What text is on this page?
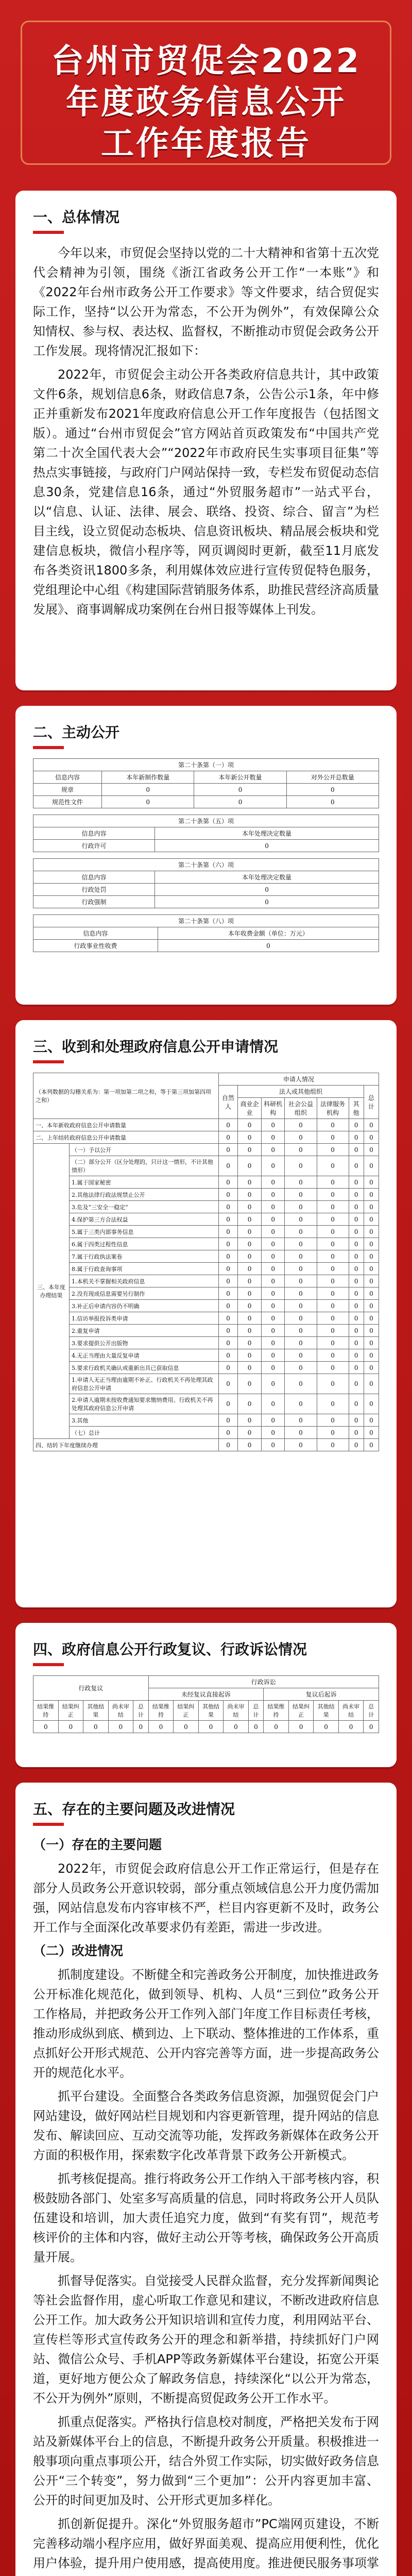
台州市贸促会2022
年度政务信息公开
工作年度报告
一、总体情况

今年以来，市贸促会坚持以党的二十大精神和省第十五次党代会精神为引领，围绕《浙江省政务公开工作“一本账”》和《2022年台州市政务公开工作要求》等文件要求，结合贸促实际工作，坚持“以公开为常态，不公开为例外”，有效保障公众知情权、参与权、表达权、监督权，不断推动市贸促会政务公开工作发展。现将情况汇报如下：

2022年，市贸促会主动公开各类政府信息共计，其中政策文件6条，规划信息6条，财政信息7条，公告公示1条，年中修正并重新发布2021年度政府信息公开工作年度报告（包括图文版）。通过“台州市贸促会”官方网站首页政策发布“中国共产党第二十次全国代表大会”“2022年市政府民生实事项目征集”等热点实事链接，与政府门户网站保持一致，专栏发布贸促动态信息30条，党建信息16条，通过“外贸服务超市”一站式平台，以“信息、认证、法律、展会、联络、投资、综合、留言”为栏目主线，设立贸促动态板块、信息资讯板块、精品展会板块和党建信息板块，微信小程序等，网页调阅时更新，截至11月底发布各类资讯1800多条，利用媒体效应进行宣传贸促特色服务，党组理论中心组《构建国际营销服务体系，助推民营经济高质量发展》、商事调解成功案例在台州日报等媒体上刊发。

二、主动公开
第二十条第（一）项			
信息内容	本年新制作数量	本年新公开数量	对外公开总数量
规章	0	0	0
规范性文件	0	0	0
第二十条第（五）项	
信息内容	本年处理决定数量
行政许可	0
第二十条第（六）项	
信息内容	本年处理决定数量
行政处罚	0
行政强制	0
第二十条第（八）项	
信息内容	本年收费金额（单位：万元）
行政事业性收费	0
三、收到和处理政府信息公开申请情况
（本列数据的勾稽关系为：第一项加第二项之和，等于第三项加第四项之和）		申请人情况						
		自然人	法人或其他组织					总计
			商业企业	科研机构	社会公益组织	法律服务机构	其他	
一、本年新收政府信息公开申请数量		0	0	0	0	0	0	0
二、上年结转政府信息公开申请数量		0	0	0	0	0	0	0
三、本年度办理结果	（一）予以公开	0	0	0	0	0	0	0
	（二）部分公开（区分处理的，只计这一情形，不计其他情形）	0	0	0	0	0	0	0
	1.属于国家秘密	0	0	0	0	0	0	0
	2.其他法律行政法规禁止公开	0	0	0	0	0	0	0
	3.危及“三安全一稳定”	0	0	0	0	0	0	0
	4.保护第三方合法权益	0	0	0	0	0	0	0
	5.属于三类内部事务信息	0	0	0	0	0	0	0
	6.属于四类过程性信息	0	0	0	0	0	0	0
	7.属于行政执法案卷	0	0	0	0	0	0	0
	8.属于行政查询事项	0	0	0	0	0	0	0
	1.本机关不掌握相关政府信息	0	0	0	0	0	0	0
	2.没有现成信息需要另行制作	0	0	0	0	0	0	0
	3.补正后申请内容仍不明确	0	0	0	0	0	0	0
	1.信访举报投诉类申请	0	0	0	0	0	0	0
	2.重复申请	0	0	0	0	0	0	0
	3.要求提供公开出版物	0	0	0	0	0	0	0
	4.无正当理由大量反复申请	0	0	0	0	0	0	0
	5.要求行政机关确认或重新出具已获取信息	0	0	0	0	0	0	0
	1.申请人无正当理由逾期不补正、行政机关不再处理其政府信息公开申请	0	0	0	0	0	0	0
	2.申请人逾期未按收费通知要求缴纳费用、行政机关不再处理其政府信息公开申请	0	0	0	0	0	0	0
	3.其他	0	0	0	0	0	0	0
	（七）总计	0	0	0	0	0	0	0
四、结转下年度继续办理		0	0	0	0	0	0	0
四、政府信息公开行政复议、行政诉讼情况
行政复议					行政诉讼									
					未经复议直接起诉					复议后起诉				
结果维持	结果纠正	其他结果	尚未审结	总计	结果维持	结果纠正	其他结果	尚未审结	总计	结果维持	结果纠正	其他结果	尚未审结	总计
0	0	0	0	0	0	0	0	0	0	0	0	0	0	0
五、存在的主要问题及改进情况
（一）存在的主要问题

2022年，市贸促会政府信息公开工作正常运行，但是存在部分人员政务公开意识较弱，部分重点领域信息公开力度仍需加强，网站信息发布内容审核不严，栏目内容更新不及时，政务公开工作与全面深化改革要求仍有差距，需进一步改进。

（二）改进情况

抓制度建设。不断健全和完善政务公开制度，加快推进政务公开标准化规范化，做到领导、机构、人员“三到位”政务公开工作格局，并把政务公开工作列入部门年度工作目标责任考核，推动形成纵到底、横到边、上下联动、整体推进的工作体系，重点抓好公开形式规范、公开内容完善等方面，进一步提高政务公开的规范化水平。

抓平台建设。全面整合各类政务信息资源，加强贸促会门户网站建设，做好网站栏目规划和内容更新管理，提升网站的信息发布、解读回应、互动交流等功能，发挥政务新媒体在政务公开方面的积极作用，探索数字化改革背景下政务公开新模式。

抓考核促提高。推行将政务公开工作纳入干部考核内容，积极鼓励各部门、处室多写高质量的信息，同时将政务公开人员队伍建设和培训，加大责任追究力度，做到“有奖有罚”，规范考核评价的主体和内容，做好主动公开等考核，确保政务公开高质量开展。

抓督导促落实。自觉接受人民群众监督，充分发挥新闻舆论等社会监督作用，虚心听取工作意见和建议，不断改进政府信息公开工作。加大政务公开知识培训和宣传力度，利用网站平台、宣传栏等形式宣传政务公开的理念和新举措，持续抓好门户网站、微信公众号、手机APP等政务新媒体平台建设，拓宽公开渠道，更好地方便公众了解政务信息，持续深化“以公开为常态，不公开为例外”原则，不断提高贸促政务公开工作水平。

抓重点促落实。严格执行信息校对制度，严格把关发布于网站及新媒体平台上的信息，不断提升政务公开质量。积极推进一般事项向重点事项公开，结合外贸工作实际，切实做好政务信息公开“三个转变”，努力做到“三个更加”：公开内容更加丰富、公开的时间更加及时、公开形式更加多样化。

抓创新促提升。深化“外贸服务超市”PC端网页建设，不断完善移动端小程序应用，做好界面美观、提高应用便利性，优化用户体验，提升用户使用感，提高使用度。推进便民服务事项掌
